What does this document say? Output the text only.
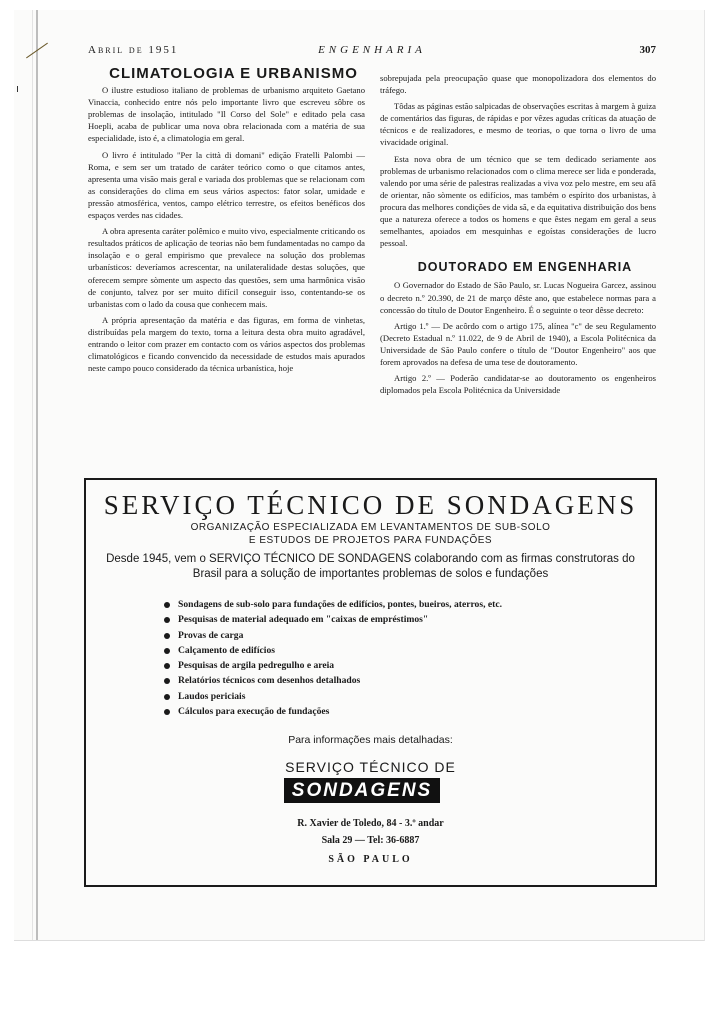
Abril de 1951	ENGENHARIA	307

CLIMATOLOGIA E URBANISMO

O ilustre estudioso italiano de problemas de urbanismo arquiteto Gaetano Vinaccia, conhecido entre nós pelo importante livro que escreveu sôbre os problemas de insolação, intitulado "Il Corso del Sole" e editado pela casa Hoepli, acaba de publicar uma nova obra relacionada com a matéria de sua especialidade, isto é, a climatologia em geral.

O livro é intitulado "Per la città di domani" edição Fratelli Palombi — Roma, e sem ser um tratado de caráter teórico como o que citamos antes, apresenta uma visão mais geral e variada dos problemas que se relacionam com as considerações do clima em seus vários aspectos: fator solar, umidade e pressão atmosférica, ventos, campo elétrico terrestre, os efeitos benéficos dos espaços verdes nas cidades.

A obra apresenta caráter polêmico e muito vivo, especialmente criticando os resultados práticos de aplicação de teorias não bem fundamentadas no campo da insolação e o geral empirismo que prevalece na solução dos problemas urbanísticos: deveríamos acrescentar, na unilateralidade destas soluções, que oferecem sempre sòmente um aspecto das questões, sem uma harmônica visão de conjunto, talvez por ser muito difícil conseguir isso, contentando-se os urbanistas com o lado da cousa que conhecem mais.

A própria apresentação da matéria e das figuras, em forma de vinhetas, distribuídas pela margem do texto, torna a leitura desta obra muito agradável, entrando o leitor com prazer em contacto com os vários aspectos dos problemas climatológicos e ficando convencido da necessidade de estudos mais apurados neste campo pouco considerado da técnica urbanística, hoje

sobrepujada pela preocupação quase que monopolizadora dos elementos do tráfego.

Tôdas as páginas estão salpicadas de observações escritas à margem à guiza de comentários das figuras, de rápidas e por vêzes agudas críticas da atuação de técnicos e de realizadores, e mesmo de teorias, o que torna o livro de uma vivacidade original.

Esta nova obra de um técnico que se tem dedicado seriamente aos problemas de urbanismo relacionados com o clima merece ser lida e ponderada, valendo por uma série de palestras realizadas a viva voz pelo mestre, em seu afã de orientar, não sòmente os edifícios, mas também o espírito dos urbanistas, à procura das melhores condições de vida sã, e da equitativa distribuição dos bens que a natureza oferece a todos os homens e que êstes negam em geral a seus semelhantes, apoiados em mesquinhas e egoístas considerações de lucro pessoal.

DOUTORADO EM ENGENHARIA

O Governador do Estado de São Paulo, sr. Lucas Nogueira Garcez, assinou o decreto n.º 20.390, de 21 de março dêste ano, que estabelece normas para a concessão do título de Doutor Engenheiro. É o seguinte o teor dêsse decreto:

Artigo 1.º — De acôrdo com o artigo 175, alínea "c" de seu Regulamento (Decreto Estadual n.º 11.022, de 9 de Abril de 1940), a Escola Politécnica da Universidade de São Paulo confere o título de "Doutor Engenheiro" aos que forem aprovados na defesa de uma tese de doutoramento.

Artigo 2.º — Poderão candidatar-se ao doutoramento os engenheiros diplomados pela Escola Politécnica da Universidade

SERVIÇO TÉCNICO DE SONDAGENS
ORGANIZAÇÃO ESPECIALIZADA EM LEVANTAMENTOS DE SUB-SOLO
E ESTUDOS DE PROJETOS PARA FUNDAÇÕES
Desde 1945, vem o SERVIÇO TÉCNICO DE SONDAGENS colaborando com as firmas construtoras do Brasil para a solução de importantes problemas de solos e fundações
Sondagens de sub-solo para fundações de edifícios, pontes, bueiros, aterros, etc.
Pesquisas de material adequado em "caixas de empréstimos"
Provas de carga
Calçamento de edifícios
Pesquisas de argila pedregulho e areia
Relatórios técnicos com desenhos detalhados
Laudos periciais
Cálculos para execução de fundações
Para informações mais detalhadas:
SERVIÇO TÉCNICO DE
SONDAGENS
R. Xavier de Toledo, 84 - 3.º andar
Sala 29 — Tel: 36-6887
SÃO PAULO
